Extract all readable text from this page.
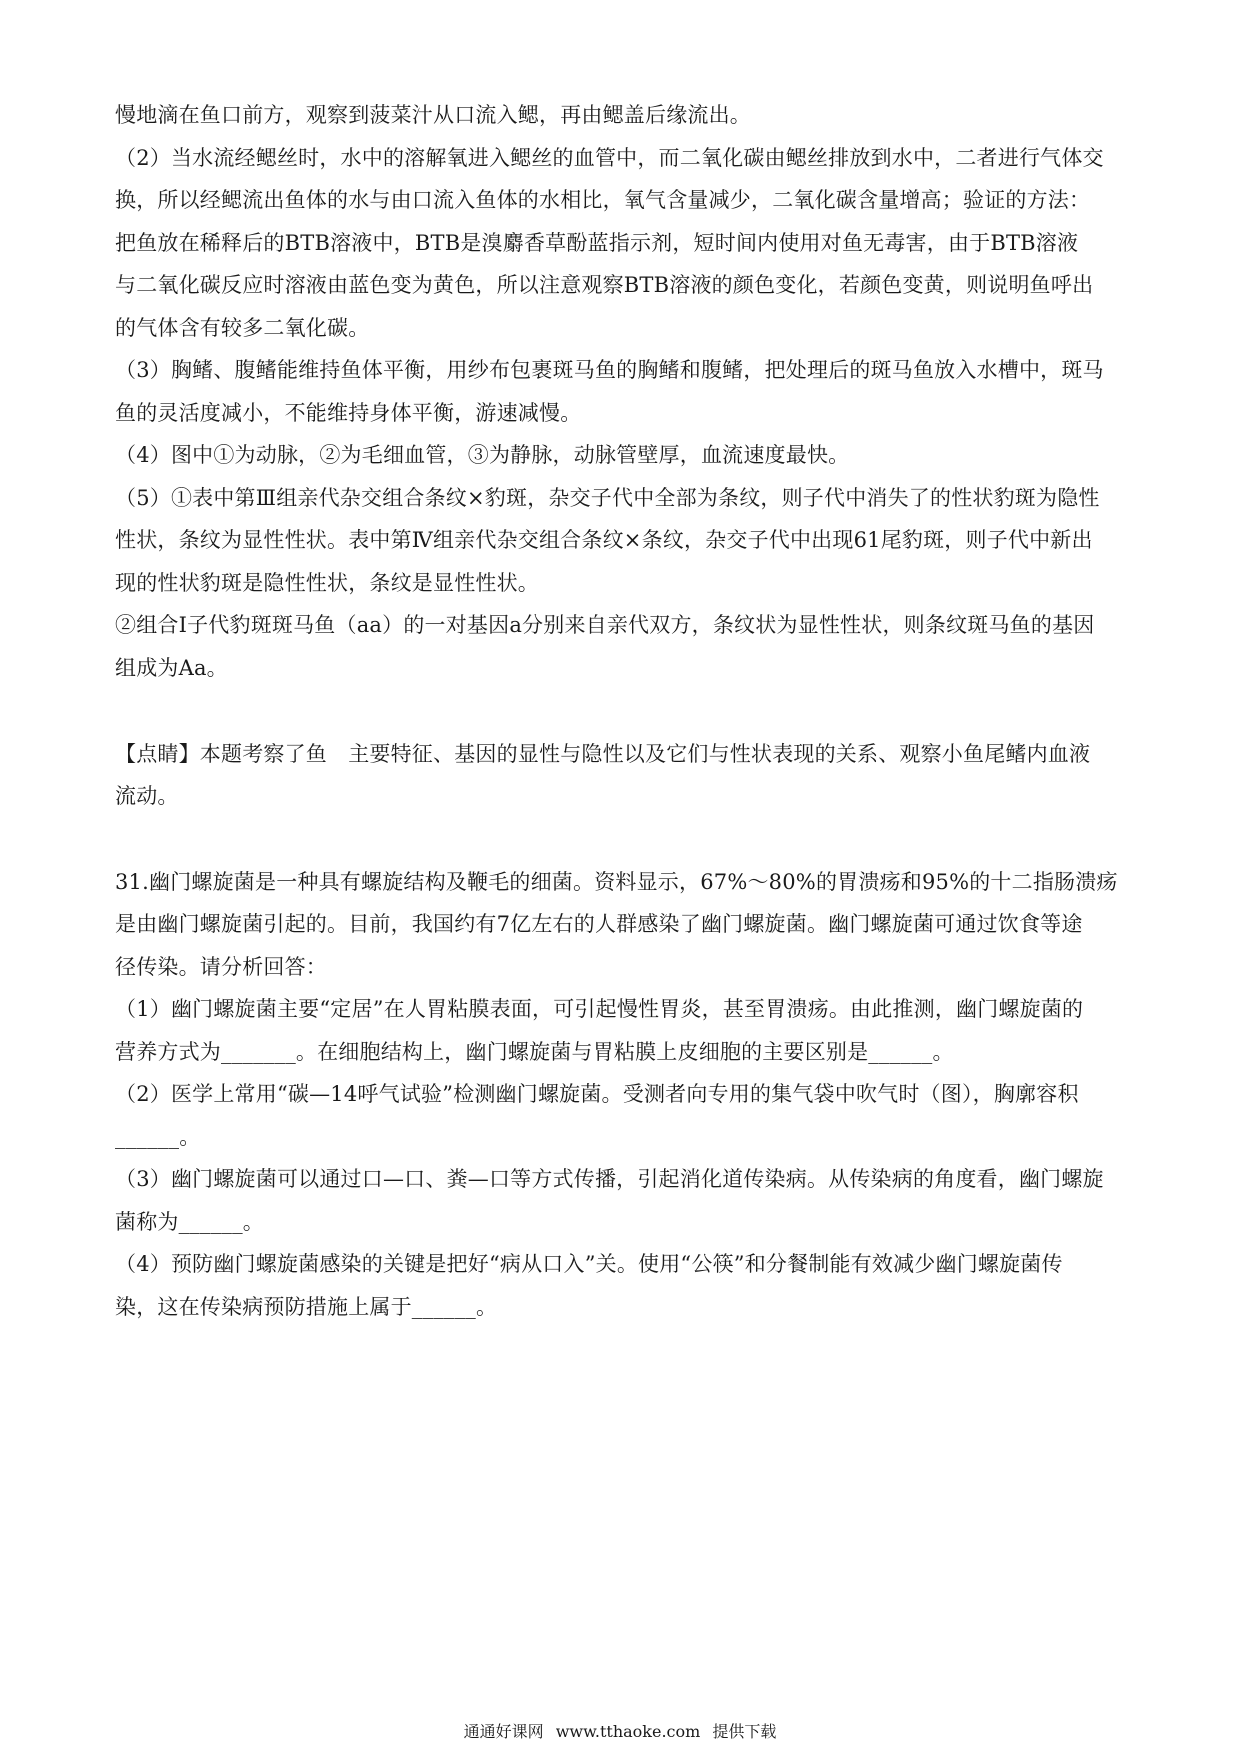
慢地滴在鱼口前方，观察到菠菜汁从口流入鳃，再由鳃盖后缘流出。
（2）当水流经鳃丝时，水中的溶解氧进入鳃丝的血管中，而二氧化碳由鳃丝排放到水中，二者进行气体交
换，所以经鳃流出鱼体的水与由口流入鱼体的水相比，氧气含量减少，二氧化碳含量增高；验证的方法：
把鱼放在稀释后的BTB溶液中，BTB是溴麝香草酚蓝指示剂，短时间内使用对鱼无毒害，由于BTB溶液
与二氧化碳反应时溶液由蓝色变为黄色，所以注意观察BTB溶液的颜色变化，若颜色变黄，则说明鱼呼出
的气体含有较多二氧化碳。
（3）胸鳍、腹鳍能维持鱼体平衡，用纱布包裹斑马鱼的胸鳍和腹鳍，把处理后的斑马鱼放入水槽中，斑马
鱼的灵活度减小，不能维持身体平衡，游速减慢。
（4）图中①为动脉，②为毛细血管，③为静脉，动脉管壁厚，血流速度最快。
（5）①表中第Ⅲ组亲代杂交组合条纹×豹斑，杂交子代中全部为条纹，则子代中消失了的性状豹斑为隐性
性状，条纹为显性性状。表中第Ⅳ组亲代杂交组合条纹×条纹，杂交子代中出现61尾豹斑，则子代中新出
现的性状豹斑是隐性性状，条纹是显性性状。
②组合Ⅰ子代豹斑斑马鱼（aa）的一对基因a分别来自亲代双方，条纹状为显性性状，则条纹斑马鱼的基因
组成为Aa。
【点睛】本题考察了鱼　主要特征、基因的显性与隐性以及它们与性状表现的关系、观察小鱼尾鳍内血液
流动。
31.幽门螺旋菌是一种具有螺旋结构及鞭毛的细菌。资料显示，67%～80%的胃溃疡和95%的十二指肠溃疡
是由幽门螺旋菌引起的。目前，我国约有7亿左右的人群感染了幽门螺旋菌。幽门螺旋菌可通过饮食等途
径传染。请分析回答：
（1）幽门螺旋菌主要“定居”在人胃粘膜表面，可引起慢性胃炎，甚至胃溃疡。由此推测，幽门螺旋菌的
营养方式为_______。在细胞结构上，幽门螺旋菌与胃粘膜上皮细胞的主要区别是______。
（2）医学上常用“碳—14呼气试验”检测幽门螺旋菌。受测者向专用的集气袋中吹气时（图），胸廓容积
______。
（3）幽门螺旋菌可以通过口—口、粪—口等方式传播，引起消化道传染病。从传染病的角度看，幽门螺旋
菌称为______。
（4）预防幽门螺旋菌感染的关键是把好“病从口入”关。使用“公筷”和分餐制能有效减少幽门螺旋菌传
染，这在传染病预防措施上属于______。
通通好课网 www.tthaoke.com 提供下载
